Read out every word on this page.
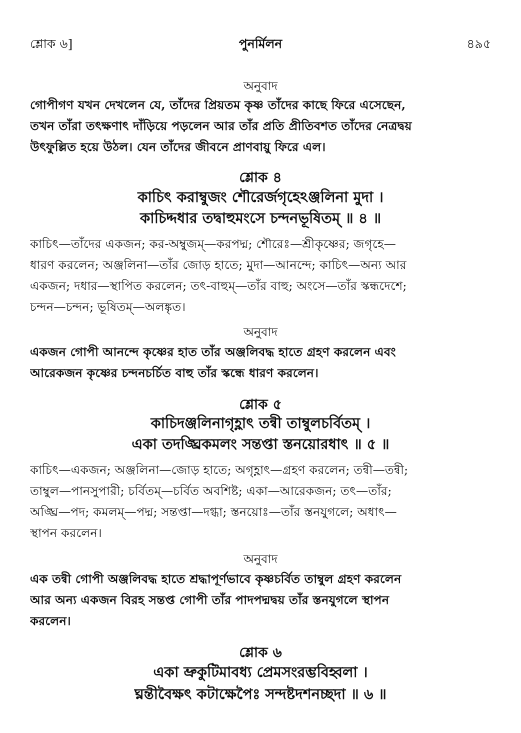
শ্লোক ৬]	পুনর্মিলন	৪৯৫
অনুবাদ
গোপীগণ যখন দেখলেন যে, তাঁদের প্রিয়তম কৃষ্ণ তাঁদের কাছে ফিরে এসেছেন,
তখন তাঁরা তৎক্ষণাৎ দাঁড়িয়ে পড়লেন আর তাঁর প্রতি প্রীতিবশত তাঁদের নেত্রদ্বয়
উৎফুল্লিত হয়ে উঠল। যেন তাঁদের জীবনে প্রাণবায়ু ফিরে এল।
শ্লোক ৪
কাচিৎ করাম্বুজং শৌরের্জগৃহেঽঞ্জলিনা মুদা ।
কাচিদ্দধার তদ্বাহুমংসে চন্দনভূষিতম্ ॥ ৪ ॥
কাচিৎ—তাঁদের একজন; কর-অম্বুজম্—করপদ্ম; শৌরেঃ—শ্রীকৃষ্ণের; জগৃহে—
ধারণ করলেন; অঞ্জলিনা—তাঁর জোড় হাতে; মুদা—আনন্দে; কাচিৎ—অন্য আর
একজন; দধার—স্থাপিত করলেন; তৎ-বাহুম্—তাঁর বাহু; অংসে—তাঁর স্কন্ধদেশে;
চন্দন—চন্দন; ভূষিতম্—অলঙ্কৃত।
অনুবাদ
একজন গোপী আনন্দে কৃষ্ণের হাত তাঁর অঞ্জলিবদ্ধ হাতে গ্রহণ করলেন এবং
আরেকজন কৃষ্ণের চন্দনচর্চিত বাহু তাঁর স্কন্ধে ধারণ করলেন।
শ্লোক ৫
কাচিদঞ্জলিনাগৃহ্ণাৎ তন্বী তাম্বুলচর্বিতম্ ।
একা তদঙ্ঘ্রিকমলং সন্তপ্তা স্তনয়োরধাৎ ॥ ৫ ॥
কাচিৎ—একজন; অঞ্জলিনা—জোড় হাতে; অগৃহ্ণাৎ—গ্রহণ করলেন; তন্বী—তন্বী;
তাম্বুল—পানসুপারী; চর্বিতম্—চর্বিত অবশিষ্ট; একা—আরেকজন; তৎ—তাঁর;
অঙ্ঘ্রি—পদ; কমলম্—পদ্ম; সন্তপ্তা—দগ্ধা; স্তনয়োঃ—তাঁর স্তনযুগলে; অধাৎ—
স্থাপন করলেন।
অনুবাদ
এক তন্বী গোপী অঞ্জলিবদ্ধ হাতে শ্রদ্ধাপূর্ণভাবে কৃষ্ণচর্বিত তাম্বুল গ্রহণ করলেন
আর অন্য একজন বিরহ সন্তপ্ত গোপী তাঁর পাদপদ্মদ্বয় তাঁর স্তনযুগলে স্থাপন
করলেন।
শ্লোক ৬
একা ভ্রুকুটিমাবধ্য প্রেমসংরম্ভবিহ্বলা ।
ঘ্নন্তীবৈক্ষৎ কটাক্ষেপৈঃ সন্দষ্টদশনচ্ছদা ॥ ৬ ॥
